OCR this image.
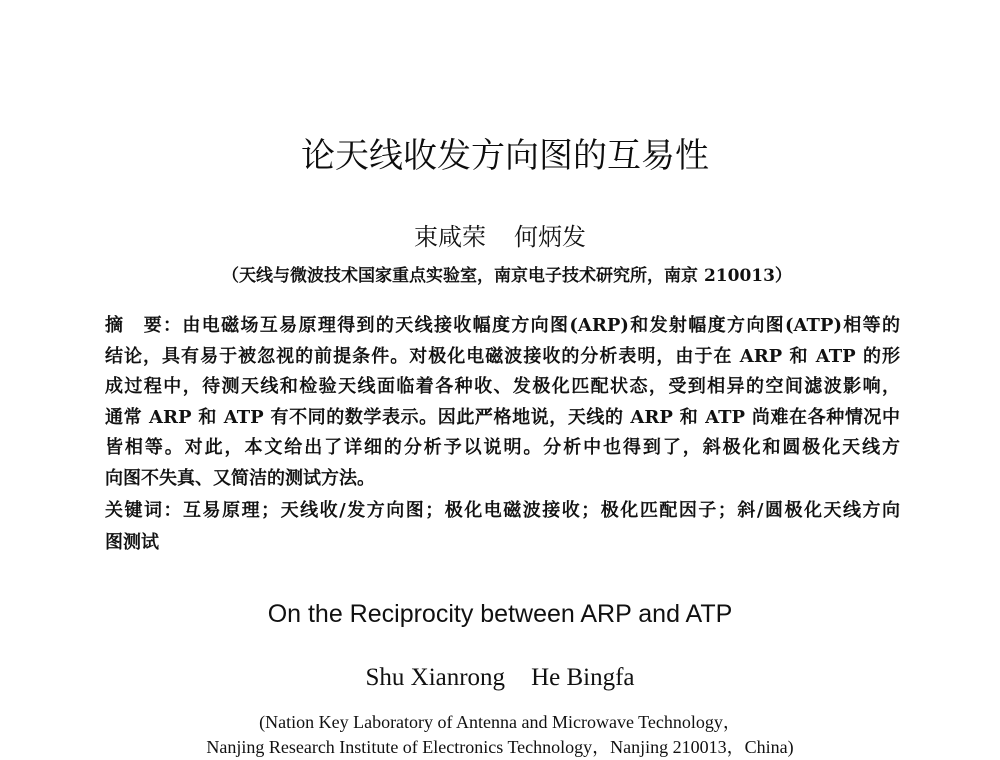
论天线收发方向图的互易性
束咸荣 何炳发
（天线与微波技术国家重点实验室，南京电子技术研究所，南京 210013）
摘　要：由电磁场互易原理得到的天线接收幅度方向图(ARP)和发射幅度方向图(ATP)相等的
结论，具有易于被忽视的前提条件。对极化电磁波接收的分析表明，由于在 ARP 和 ATP 的形
成过程中，待测天线和检验天线面临着各种收、发极化匹配状态，受到相异的空间滤波影响，
通常 ARP 和 ATP 有不同的数学表示。因此严格地说，天线的 ARP 和 ATP 尚难在各种情况中
皆相等。对此，本文给出了详细的分析予以说明。分析中也得到了，斜极化和圆极化天线方
向图不失真、又简洁的测试方法。
关键词：互易原理；天线收/发方向图；极化电磁波接收；极化匹配因子；斜/圆极化天线方向
图测试
On the Reciprocity between ARP and ATP
Shu Xianrong He Bingfa
(Nation Key Laboratory of Antenna and Microwave Technology，
Nanjing Research Institute of Electronics Technology，Nanjing 210013，China)
